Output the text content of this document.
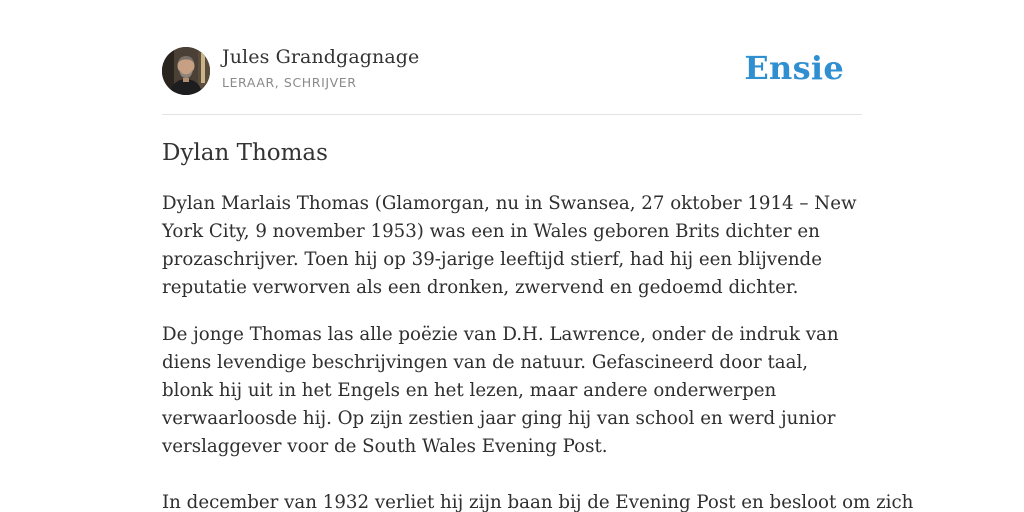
Jules Grandgagnage
LERAAR, SCHRIJVER	Ensie
Dylan Thomas

Dylan Marlais Thomas (Glamorgan, nu in Swansea, 27 oktober 1914 – New York City, 9 november 1953) was een in Wales geboren Brits dichter en prozaschrijver. Toen hij op 39-jarige leeftijd stierf, had hij een blijvende reputatie verworven als een dronken, zwervend en gedoemd dichter.

De jonge Thomas las alle poëzie van D.H. Lawrence, onder de indruk van diens levendige beschrijvingen van de natuur. Gefascineerd door taal, blonk hij uit in het Engels en het lezen, maar andere onderwerpen verwaarloosde hij. Op zijn zestien jaar ging hij van school en werd junior verslaggever voor de South Wales Evening Post.

In december van 1932 verliet hij zijn baan bij de Evening Post en besloot om zich
